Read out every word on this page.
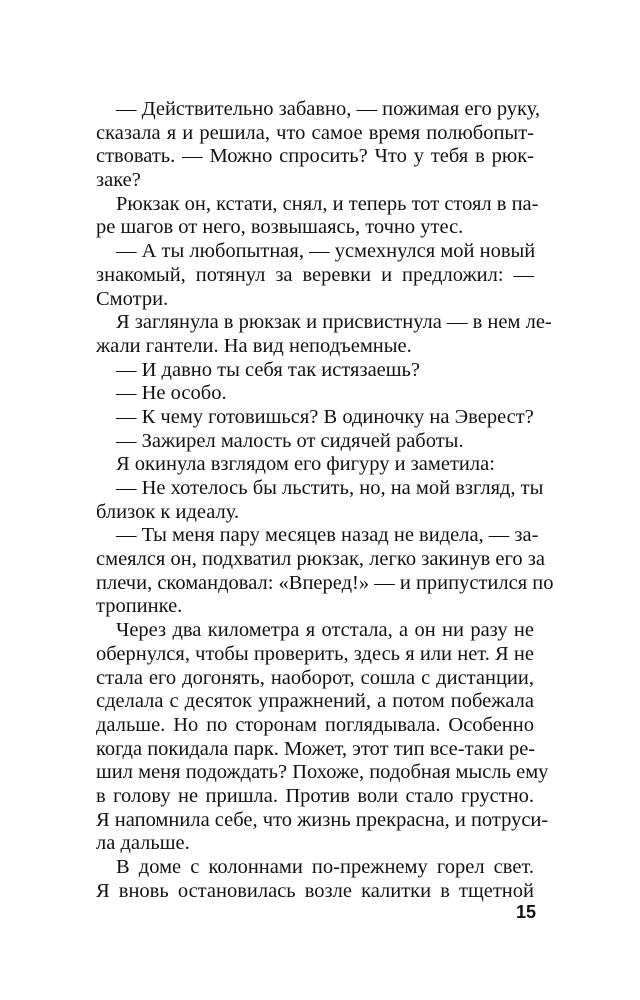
— Действительно забавно, — пожимая его руку,
сказала я и решила, что самое время полюбопыт-
ствовать. — Можно спросить? Что у тебя в рюк-
заке?
Рюкзак он, кстати, снял, и теперь тот стоял в па-
ре шагов от него, возвышаясь, точно утес.
— А ты любопытная, — усмехнулся мой новый
знакомый, потянул за веревки и предложил: —
Смотри.
Я заглянула в рюкзак и присвистнула — в нем ле-
жали гантели. На вид неподъемные.
— И давно ты себя так истязаешь?
— Не особо.
— К чему готовишься? В одиночку на Эверест?
— Зажирел малость от сидячей работы.
Я окинула взглядом его фигуру и заметила:
— Не хотелось бы льстить, но, на мой взгляд, ты
близок к идеалу.
— Ты меня пару месяцев назад не видела, — за-
смеялся он, подхватил рюкзак, легко закинув его за
плечи, скомандовал: «Вперед!» — и припустился по
тропинке.
Через два километра я отстала, а он ни разу не
обернулся, чтобы проверить, здесь я или нет. Я не
стала его догонять, наоборот, сошла с дистанции,
сделала с десяток упражнений, а потом побежала
дальше. Но по сторонам поглядывала. Особенно
когда покидала парк. Может, этот тип все-таки ре-
шил меня подождать? Похоже, подобная мысль ему
в голову не пришла. Против воли стало грустно.
Я напомнила себе, что жизнь прекрасна, и потруси-
ла дальше.
В доме с колоннами по-прежнему горел свет.
Я вновь остановилась возле калитки в тщетной
15
